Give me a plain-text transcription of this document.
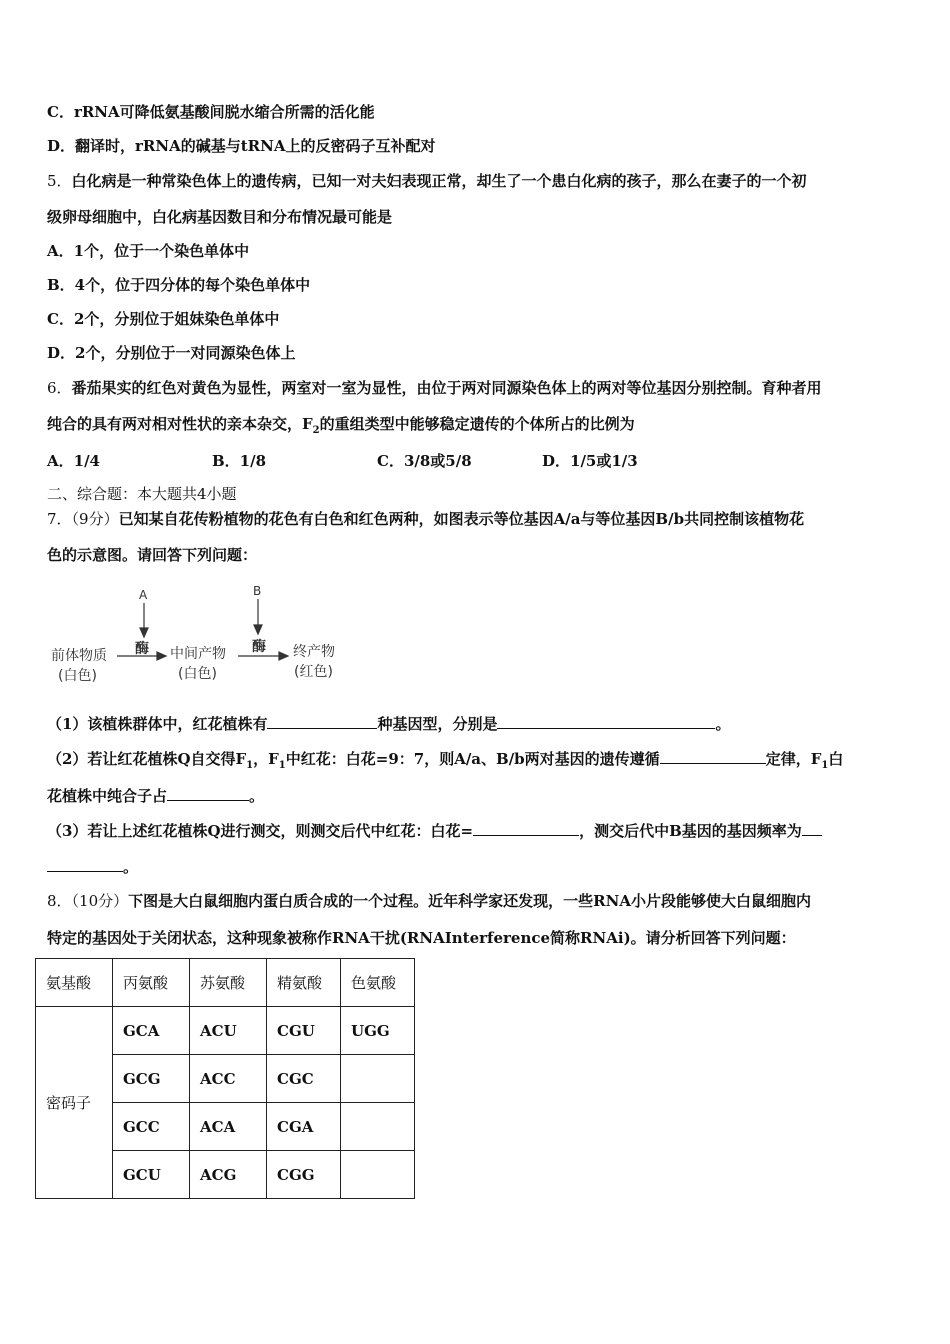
C．rRNA可降低氨基酸间脱水缩合所需的活化能
D．翻译时，rRNA的碱基与tRNA上的反密码子互补配对
5．白化病是一种常染色体上的遗传病，已知一对夫妇表现正常，却生了一个患白化病的孩子，那么在妻子的一个初
级卵母细胞中，白化病基因数目和分布情况最可能是
A．1个，位于一个染色单体中
B．4个，位于四分体的每个染色单体中
C．2个，分别位于姐妹染色单体中
D．2个，分别位于一对同源染色体上
6．番茄果实的红色对黄色为显性，两室对一室为显性，由位于两对同源染色体上的两对等位基因分别控制。育种者用
纯合的具有两对相对性状的亲本杂交，$F_2$的重组类型中能够稳定遗传的个体所占的比例为
A．1/4	B．1/8	C．3/8或5/8	D．1/5或1/3
二、综合题：本大题共4小题
7．（9分）已知某自花传粉植物的花色有白色和红色两种，如图表示等位基因A/a与等位基因B/b共同控制该植物花
色的示意图。请回答下列问题：
A	B
酶	酶
前体物质
(白色)
中间产物
(白色)
终产物
(红色)
（1）该植株群体中，红花植株有	种基因型，分别是	。
（2）若让红花植株Q自交得$F_1$，$F_1$中红花：白花=9：7，则A/a、B/b两对基因的遗传遵循	定律，$F_1$白
花植株中纯合子占	。
（3）若让上述红花植株Q进行测交，则测交后代中红花：白花=	，测交后代中B基因的基因频率为
。
8．（10分）下图是大白鼠细胞内蛋白质合成的一个过程。近年科学家还发现，一些RNA小片段能够使大白鼠细胞内
特定的基因处于关闭状态，这种现象被称作RNA干扰(RNAInterference简称RNAi)。请分析回答下列问题：
氨基酸	丙氨酸	苏氨酸	精氨酸	色氨酸
密码子	GCA	ACU	CGU	UGG
	GCG	ACC	CGC	
	GCC	ACA	CGA	
	GCU	ACG	CGG	
